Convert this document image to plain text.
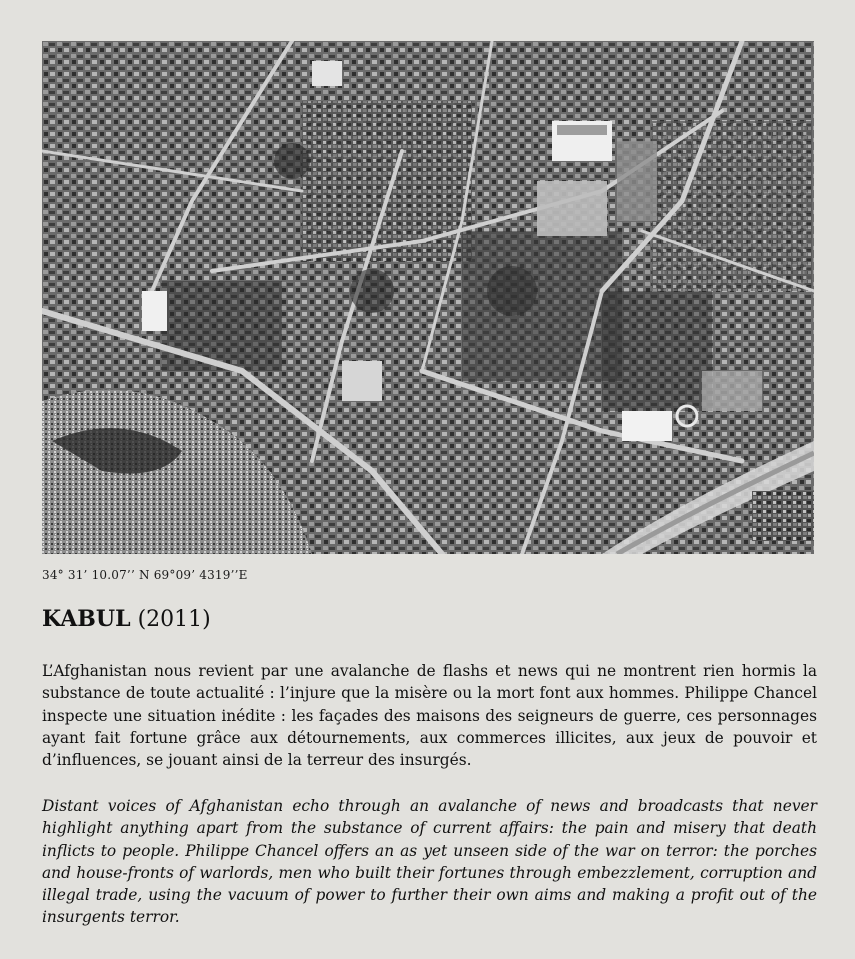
34° 31’ 10.07’’ N 69°09’ 4319’’E
KABUL (2011)

L’Afghanistan nous revient par une avalanche de flashs et news qui ne montrent rien hormis la substance de toute actualité : l’injure que la misère ou la mort font aux hommes. Philippe Chancel inspecte une situation inédite : les façades des maisons des seigneurs de guerre, ces personnages ayant fait fortune grâce aux détournements, aux commerces illicites, aux jeux de pouvoir et d’influences, se jouant ainsi de la terreur des insurgés.

Distant voices of Afghanistan echo through an avalanche of news and broadcasts that never highlight anything apart from the substance of current affairs: the pain and misery that death inflicts to people. Philippe Chancel offers an as yet unseen side of the war on terror: the porches and house-fronts of warlords, men who built their fortunes through embezzlement, corruption and illegal trade, using the vacuum of power to further their own aims and making a profit out of the insurgents terror.
